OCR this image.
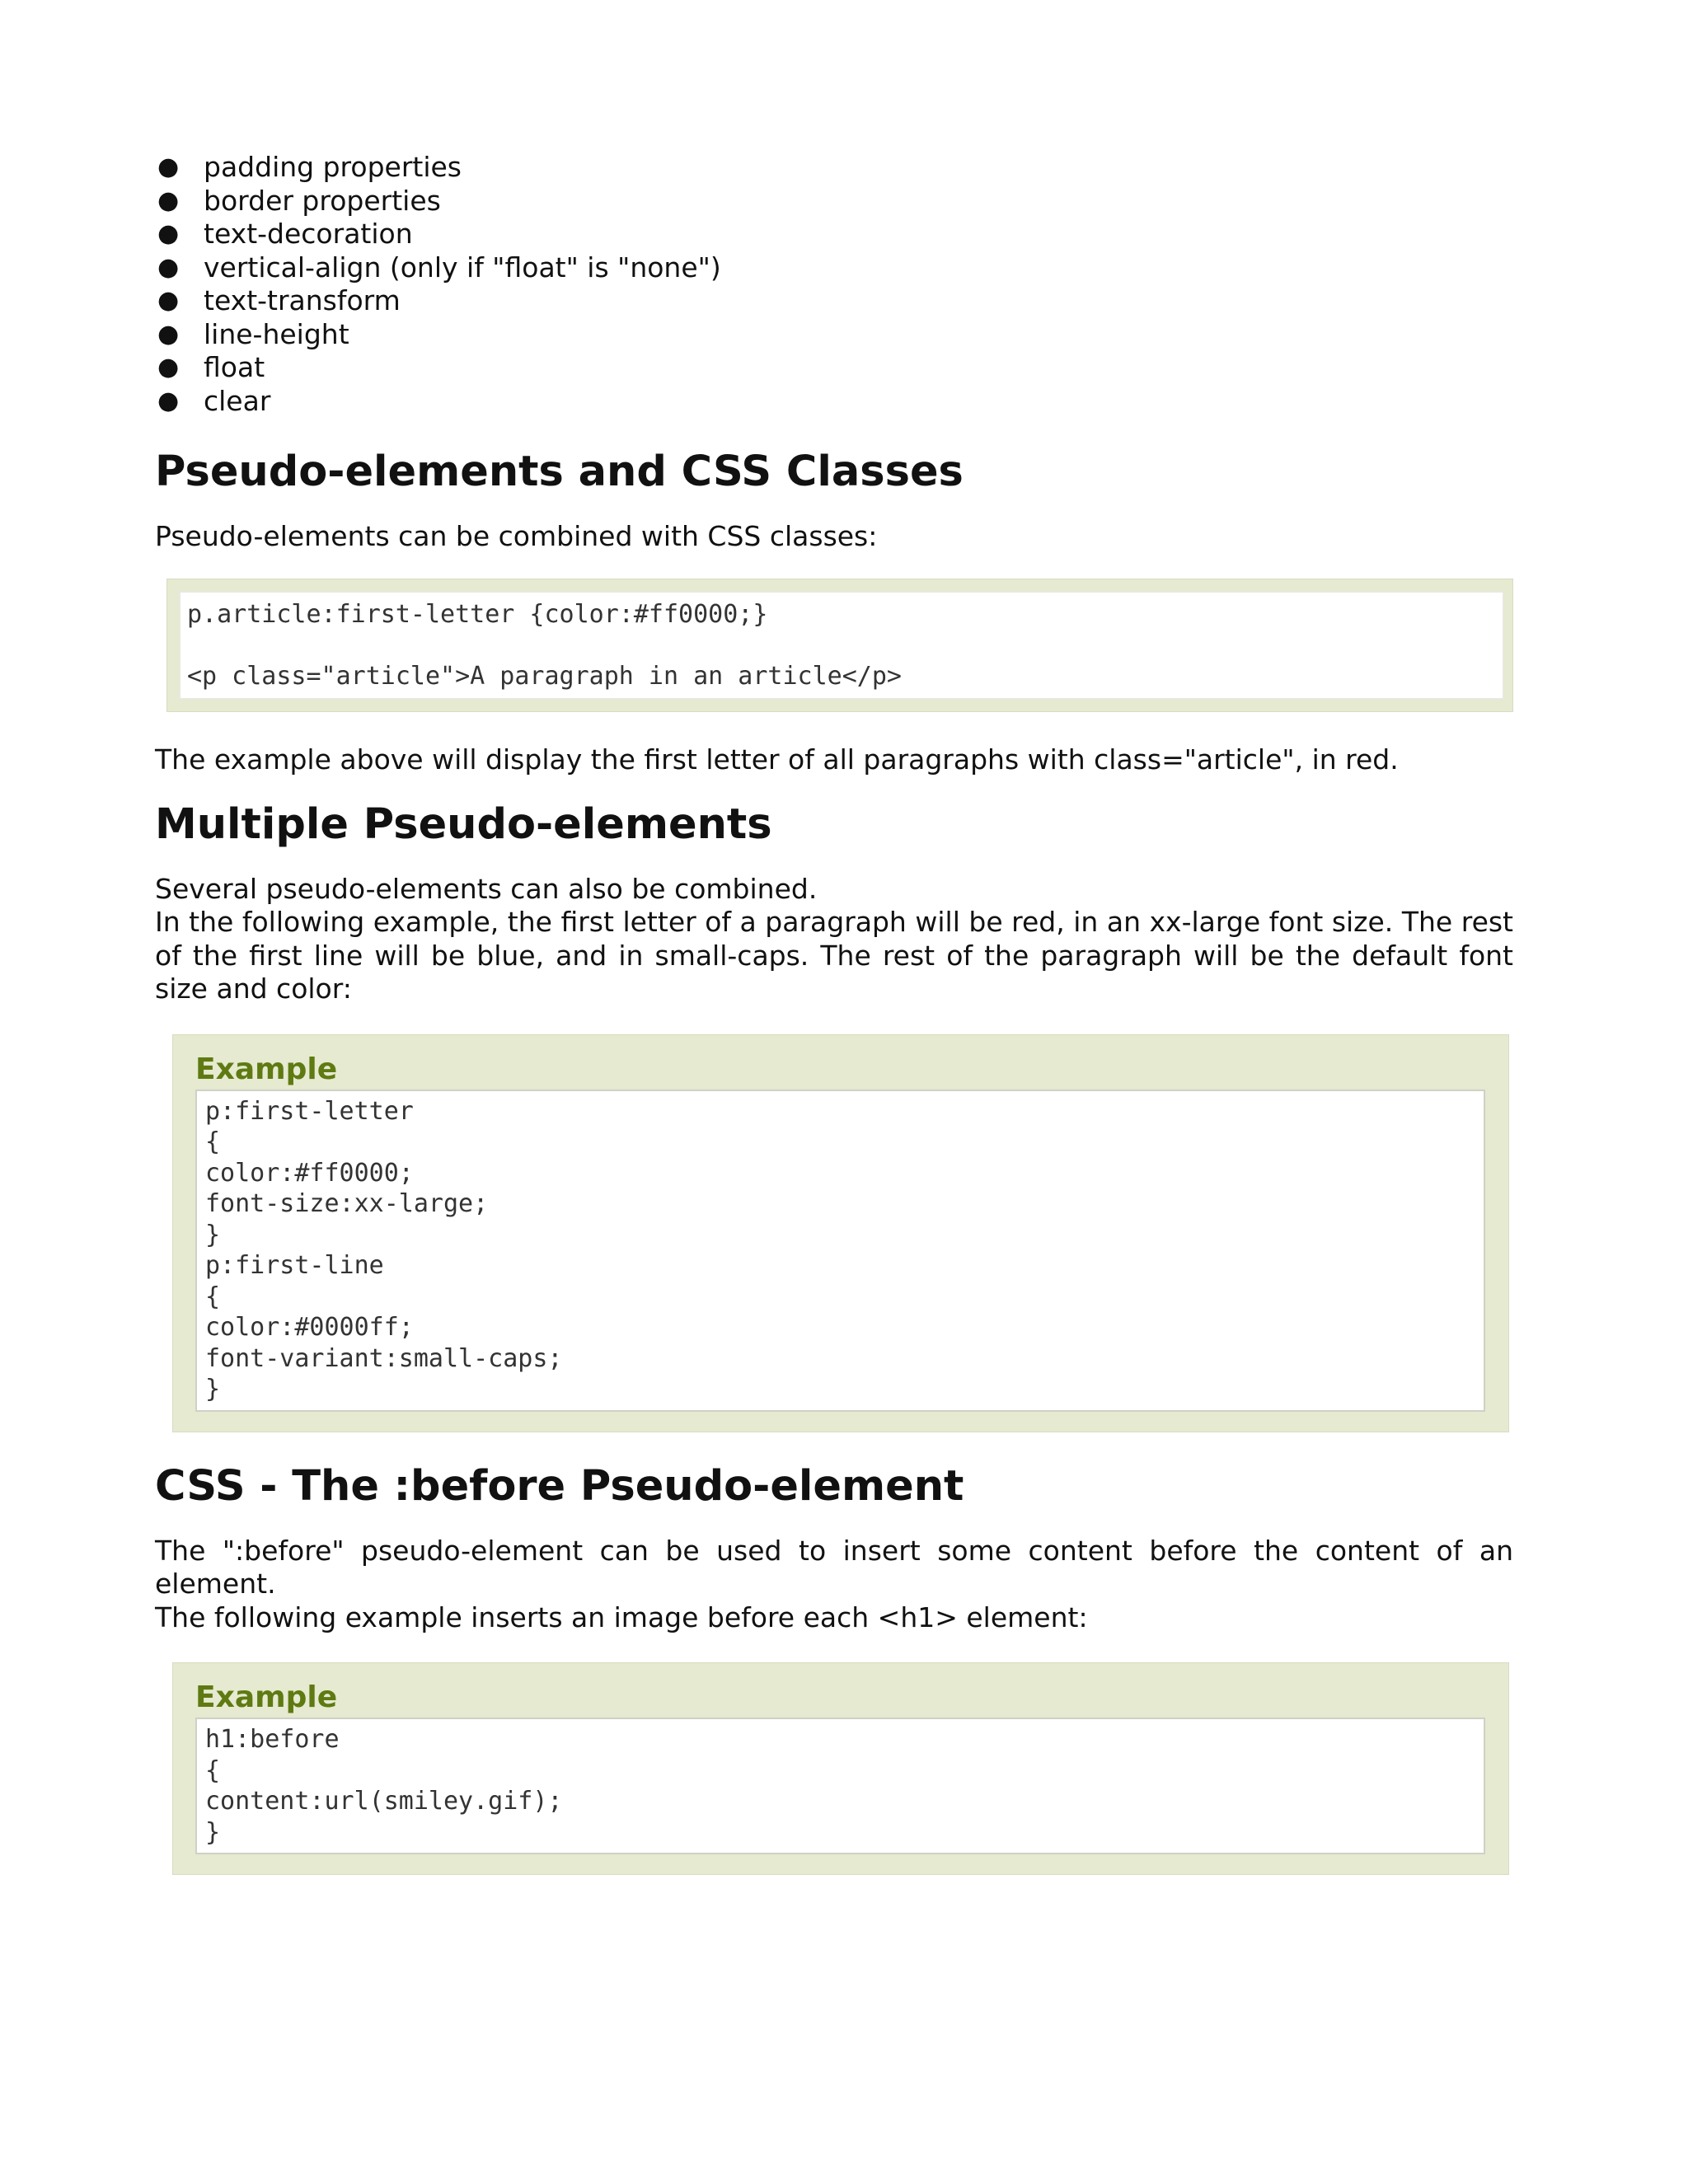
● padding properties
● border properties
● text-decoration
● vertical-align (only if "float" is "none")
● text-transform
● line-height
● float
● clear
Pseudo-elements and CSS Classes

Pseudo-elements can be combined with CSS classes:

p.article:first-letter {color:#ff0000;}

<p class="article">A paragraph in an article</p>

The example above will display the first letter of all paragraphs with class="article", in red.

Multiple Pseudo-elements

Several pseudo-elements can also be combined.

In the following example, the first letter of a paragraph will be red, in an xx-large font size. The rest of the first line will be blue, and in small-caps. The rest of the paragraph will be the default font size and color:

Example
p:first-letter
{
color:#ff0000;
font-size:xx-large;
}
p:first-line
{
color:#0000ff;
font-variant:small-caps;
}
CSS - The :before Pseudo-element

The ":before" pseudo-element can be used to insert some content before the content of an element.

The following example inserts an image before each <h1> element:

Example
h1:before
{
content:url(smiley.gif);
}
